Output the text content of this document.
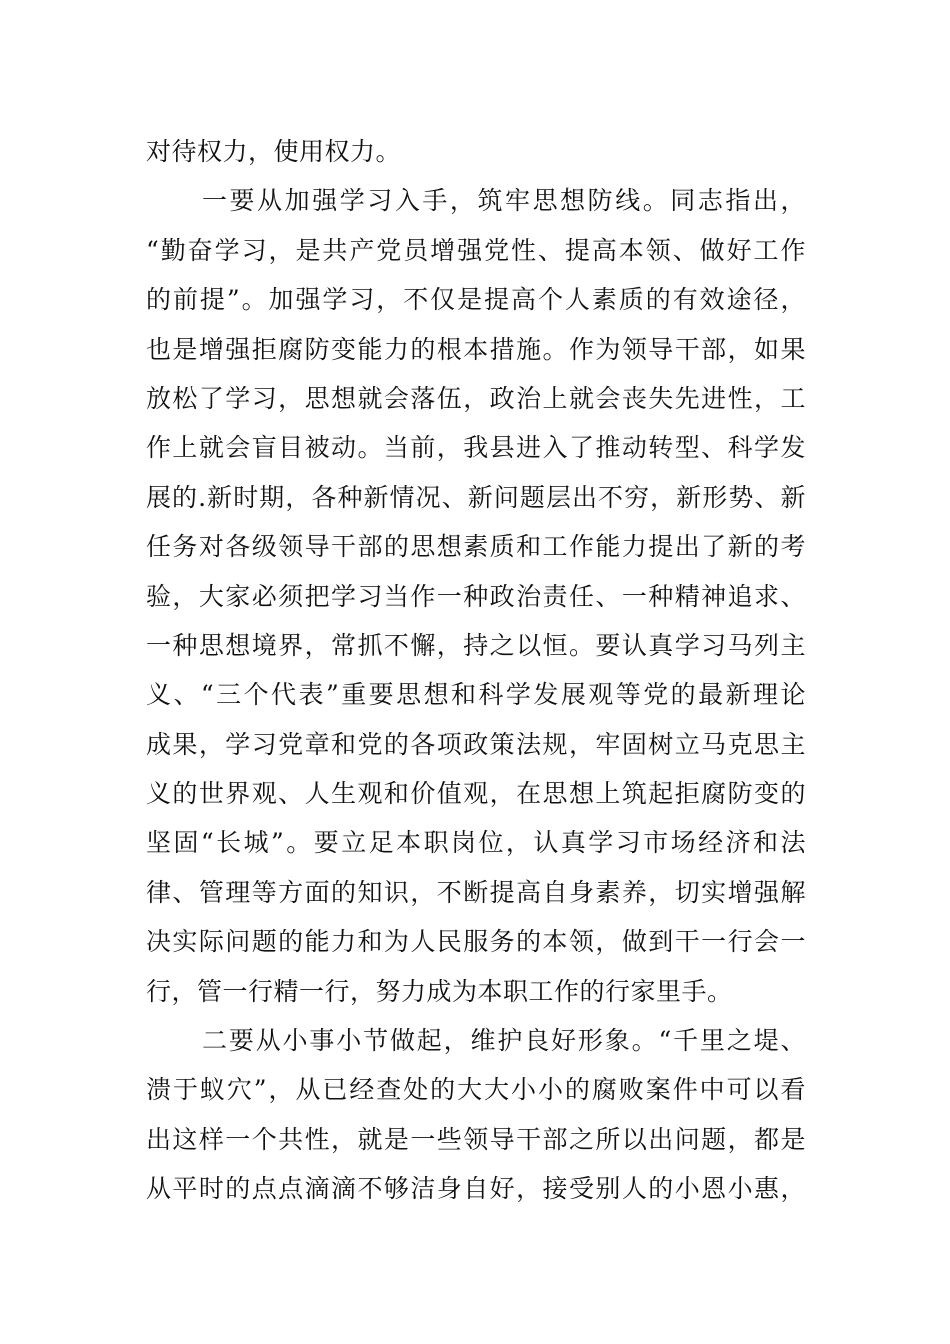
对待权力，使用权力。
一要从加强学习入手，筑牢思想防线。同志指出，
“勤奋学习，是共产党员增强党性、提高本领、做好工作
的前提”。加强学习，不仅是提高个人素质的有效途径，
也是增强拒腐防变能力的根本措施。作为领导干部，如果
放松了学习，思想就会落伍，政治上就会丧失先进性，工
作上就会盲目被动。当前，我县进入了推动转型、科学发
展的.新时期，各种新情况、新问题层出不穷，新形势、新
任务对各级领导干部的思想素质和工作能力提出了新的考
验，大家必须把学习当作一种政治责任、一种精神追求、
一种思想境界，常抓不懈，持之以恒。要认真学习马列主
义、“三个代表”重要思想和科学发展观等党的最新理论
成果，学习党章和党的各项政策法规，牢固树立马克思主
义的世界观、人生观和价值观，在思想上筑起拒腐防变的
坚固“长城”。要立足本职岗位，认真学习市场经济和法
律、管理等方面的知识，不断提高自身素养，切实增强解
决实际问题的能力和为人民服务的本领，做到干一行会一
行，管一行精一行，努力成为本职工作的行家里手。
二要从小事小节做起，维护良好形象。“千里之堤、
溃于蚁穴”，从已经查处的大大小小的腐败案件中可以看
出这样一个共性，就是一些领导干部之所以出问题，都是
从平时的点点滴滴不够洁身自好，接受别人的小恩小惠，
